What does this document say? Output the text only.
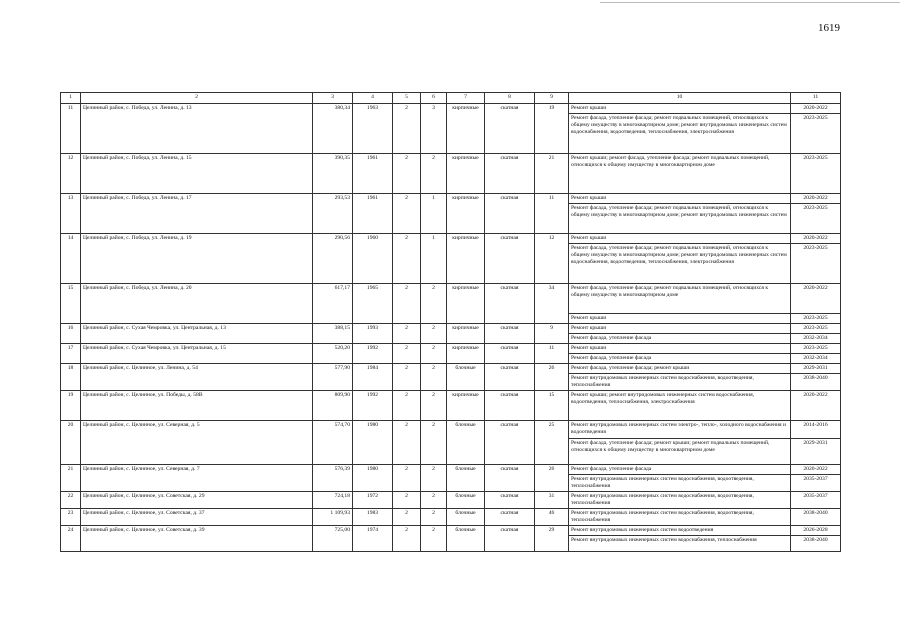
1619
1	2	3	4	5	6	7	8	9	10	11
11	Целинный район, с. Победа, ул. Ленина, д. 13	380,34	1963	2	3	кирпичные	скатная	19	Ремонт крыши	2020-2022
									Ремонт фасада, утепление фасада; ремонт подвальных помещений, относящихся к общему имуществу в многоквартирном доме; ремонт внутридомовых инженерных систем водоснабжения, водоотведения, теплоснабжения, электроснабжения	2023-2025
12	Целинный район, с. Победа, ул. Ленина, д. 15	390,35	1961	2	2	кирпичные	скатная	21	Ремонт крыши; ремонт фасада, утепление фасада; ремонт подвальных помещений, относящихся к общему имуществу в многоквартирном доме	2023-2025
13	Целинный район, с. Победа, ул. Ленина, д. 17	293,53	1961	2	1	кирпичные	скатная	11	Ремонт крыши	2020-2022
									Ремонт фасада, утепление фасада; ремонт подвальных помещений, относящихся к общему имуществу в многоквартирном доме; ремонт внутридомовых инженерных систем	2023-2025
14	Целинный район, с. Победа, ул. Ленина, д. 19	290,56	1960	2	1	кирпичные	скатная	12	Ремонт крыши	2020-2022
									Ремонт фасада, утепление фасада; ремонт подвальных помещений, относящихся к общему имуществу в многоквартирном доме; ремонт внутридомовых инженерных систем водоснабжения, водоотведения, теплоснабжения, электроснабжения	2023-2025
15	Целинный район, с. Победа, ул. Ленина, д. 20	617,17	1965	2	2	кирпичные	скатная	34	Ремонт фасада, утепление фасада; ремонт подвальных помещений, относящихся к общему имуществу в многоквартирном доме	2020-2022
									Ремонт крыши	2023-2025
16	Целинный район, с. Сухая Чемровка, ул. Центральная, д. 13	388,15	1993	2	2	кирпичные	скатная	9	Ремонт крыши	2023-2025
									Ремонт фасада, утепление фасада	2032-2034
17	Целинный район, с. Сухая Чемровка, ул. Центральная, д. 15	520,20	1992	2	2	кирпичные	скатная	11	Ремонт крыши	2023-2025
									Ремонт фасада, утепление фасада	2032-2034
18	Целинный район, с. Целинное, ул. Ленина, д. 54	577,90	1984	2	2	блочные	скатная	26	Ремонт фасада, утепление фасада; ремонт крыши	2029-2031
									Ремонт внутридомовых инженерных систем водоснабжения, водоотведения, теплоснабжения	2038-2040
19	Целинный район, с. Целинное, ул. Победы, д. 58В	809,90	1992	2	2	кирпичные	скатная	15	Ремонт крыши; ремонт внутридомовых инженерных систем водоснабжения, водоотведения, теплоснабжения, электроснабжения	2020-2022
20	Целинный район, с. Целинное, ул. Северная, д. 5	574,70	1980	2	2	блочные	скатная	25	Ремонт внутридомовых инженерных систем электро-, тепло-, холодного водоснабжения и водоотведения	2014-2016
									Ремонт фасада, утепление фасада; ремонт крыши; ремонт подвальных помещений, относящихся к общему имуществу в многоквартирном доме	2029-2031
21	Целинный район, с. Целинное, ул. Северная, д. 7	576,39	1980	2	2	блочные	скатная	26	Ремонт фасада, утепление фасада	2020-2022
									Ремонт внутридомовых инженерных систем водоснабжения, водоотведения, теплоснабжения	2035-2037
22	Целинный район, с. Целинное, ул. Советская, д. 29	724,18	1972	2	2	блочные	скатная	31	Ремонт внутридомовых инженерных систем водоснабжения, водоотведения, теплоснабжения	2035-2037
23	Целинный район, с. Целинное, ул. Советская, д. 37	1 109,93	1983	2	2	блочные	скатная	46	Ремонт внутридомовых инженерных систем водоснабжения, водоотведения, теплоснабжения	2038-2040
24	Целинный район, с. Целинное, ул. Советская, д. 39	725,00	1974	2	2	блочные	скатная	29	Ремонт внутридомовых инженерных систем водоотведения	2026-2028
									Ремонт внутридомовых инженерных систем водоснабжения, теплоснабжения	2038-2040
